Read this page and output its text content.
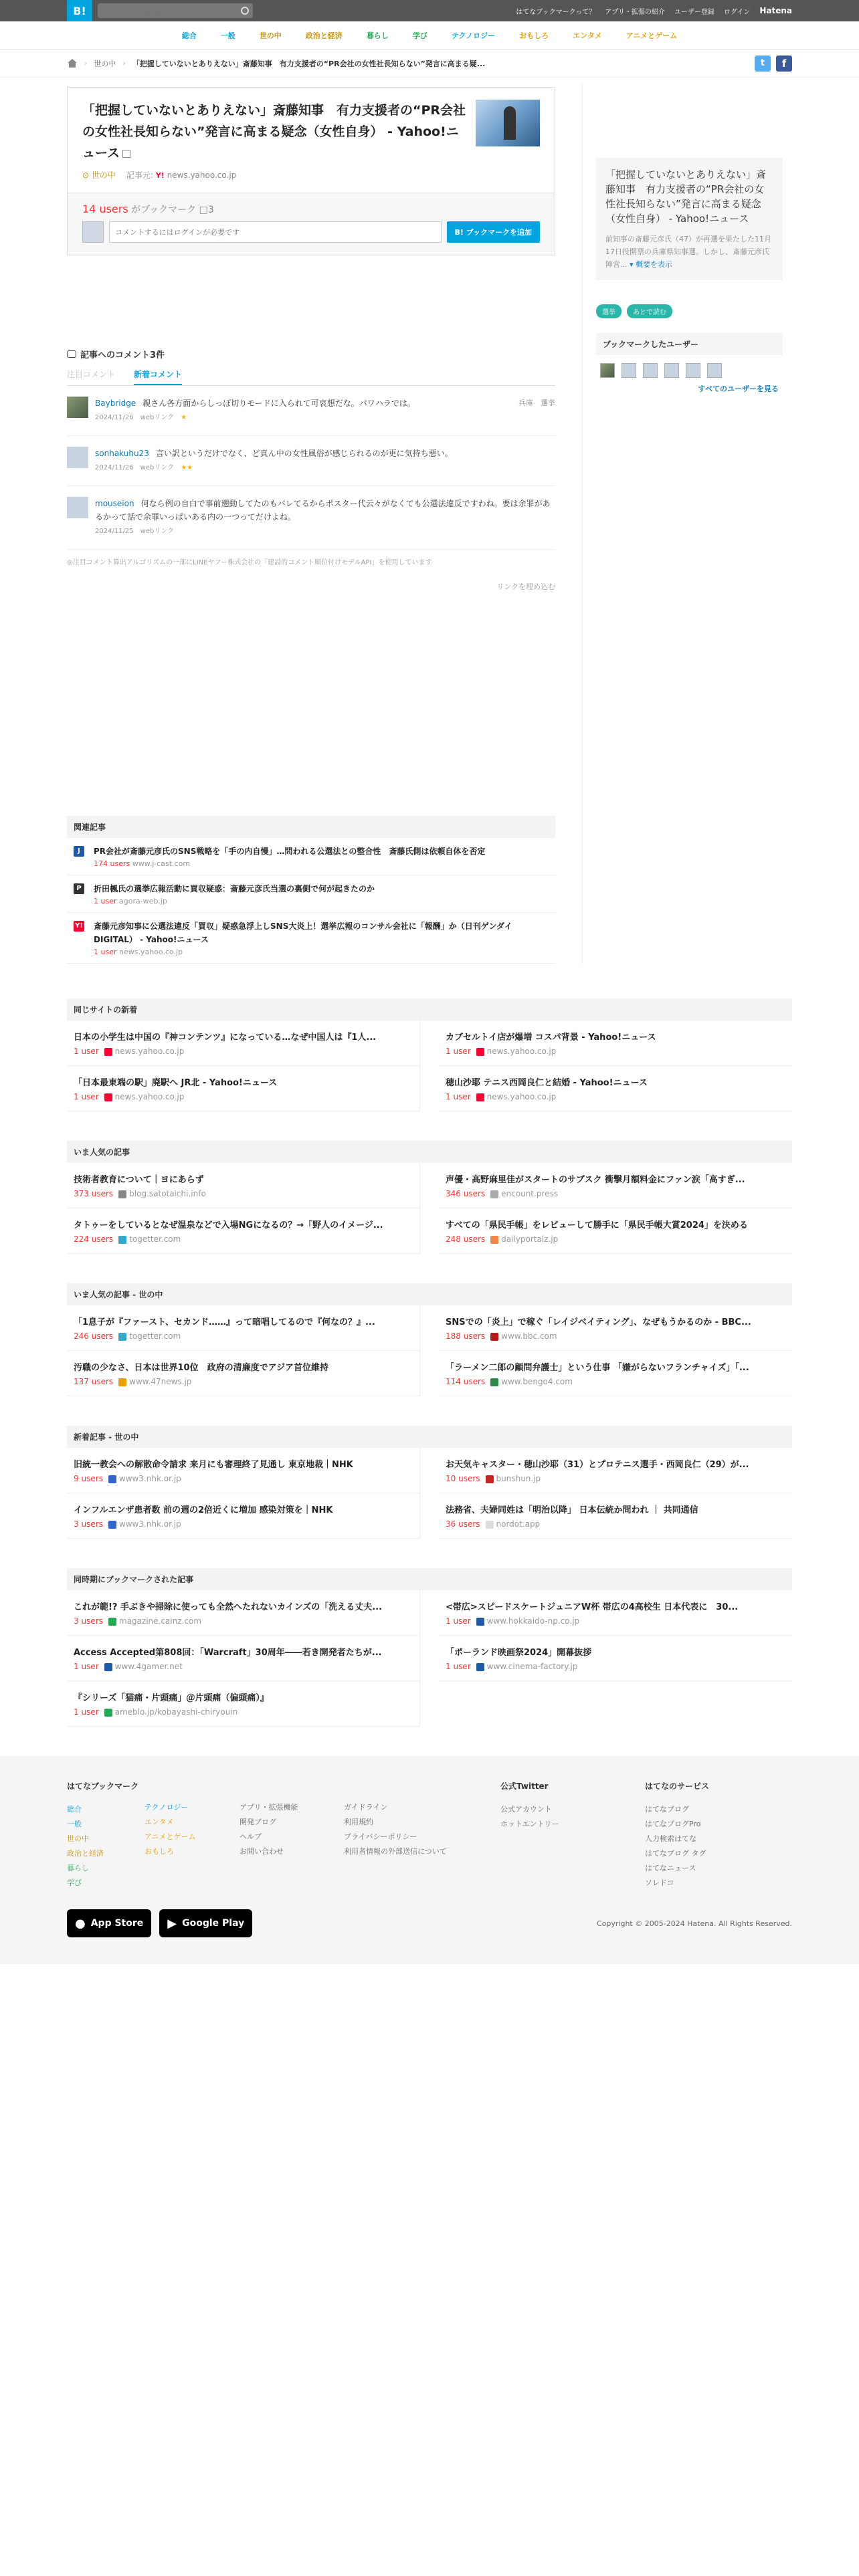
B!
キーワード・URLを検索	はてなブックマークって？ アプリ・拡張の紹介 ユーザー登録 ログイン Hatena
総合	一般	世の中	政治と経済	暮らし	学び	テクノロジー	おもしろ	エンタメ	アニメとゲーム
› 世の中 › 「把握していないとありえない」斎藤知事　有力支援者の“PR会社の女性社長知らない”発言に高まる疑...	t	f
「把握していないとありえない」斎藤知事　有力支援者の“PR会社の女性社長知らない”発言に高まる疑念（女性自身） - Yahoo!ニュース
⊙ 世の中 記事元: Y! news.yahoo.co.jp
14 users がブックマーク □3
コメントするにはログインが必要です
B! ブックマークを追加
記事へのコメント3件
注目コメント 新着コメント
兵庫　選挙
Baybridge 親さん各方面からしっぽ切りモードに入られて可哀想だな。パワハラでは。
2024/11/26 webリンク ★
sonhakuhu23 言い訳というだけでなく、ど真ん中の女性風俗が感じられるのが更に気持ち悪い。
2024/11/26 webリンク ★★
mouseion 何なら例の自白で事前遡動してたのもバレてるからポスター代云々がなくても公選法違反ですわね。要は余罪があるかって話で余罪いっぱいある内の一つってだけよね。
2024/11/25 webリンク
◎注目コメント算出アルゴリズムの一部にLINEヤフー株式会社の「建設的コメント順位付けモデルAPI」を使用しています
リンクを埋め込む
関連記事
J	PR会社が斎藤元彦氏のSNS戦略を「手の内自慢」…問われる公選法との整合性　斎藤氏側は依頼自体を否定
174 users www.j-cast.com
P	折田楓氏の選挙広報活動に買収疑惑：斎藤元彦氏当選の裏側で何が起きたのか
1 user agora-web.jp
Y! 斎藤元彦知事に公選法違反「買収」疑惑急浮上しSNS大炎上！選挙広報のコンサル会社に「報酬」か（日刊ゲンダイDIGITAL） - Yahoo!ニュース
1 user news.yahoo.co.jp
「把握していないとありえない」斎藤知事　有力支援者の“PR会社の女性社長知らない”発言に高まる疑念（女性自身） - Yahoo!ニュース
前知事の斎藤元彦氏（47）が再選を果たした11月17日投開票の兵庫県知事選。しかし、斎藤元彦氏陣営... ▾ 概要を表示
選挙	あとで読む
ブックマークしたユーザー
すべてのユーザーを見る
同じサイトの新着
日本の小学生は中国の『神コンテンツ』になっている…なぜ中国人は『1人...
1 user news.yahoo.co.jp
カブセルトイ店が爆増 コスパ背景 - Yahoo!ニュース
1 user news.yahoo.co.jp
「日本最東端の駅」廃駅へ JR北 - Yahoo!ニュース
1 user news.yahoo.co.jp
穂山沙耶 テニス西岡良仁と結婚 - Yahoo!ニュース
1 user news.yahoo.co.jp
いま人気の記事
技術者教育について｜ヨにあらず
373 users blog.satotaichi.info
声優・高野麻里佳がスタートのサブスク 衝撃月額料金にファン涙「高すぎ...
346 users encount.press
タトゥーをしているとなぜ温泉などで入場NGになるの？→「野人のイメージ...
224 users togetter.com
すべての「県民手帳」をレビューして勝手に「県民手帳大賞2024」を決める
248 users dailyportalz.jp
いま人気の記事 - 世の中
「1息子が『ファースト、セカンド……』って暗唱してるので『何なの？』...
246 users togetter.com
SNSでの「炎上」で稼ぐ「レイジベイティング」、なぜもうかるのか - BBC...
188 users www.bbc.com
汚職の少なさ、日本は世界10位　政府の清廉度でアジア首位維持
137 users www.47news.jp
「ラーメン二郎の顧問弁護士」という仕事 「嫌がらないフランチャイズ」「...
114 users www.bengo4.com
新着記事 - 世の中
旧統一教会への解散命令請求 来月にも審理終了見通し 東京地裁｜NHK
9 users www3.nhk.or.jp
お天気キャスター・穂山沙耶（31）とプロテニス選手・西岡良仁（29）が...
10 users bunshun.jp
インフルエンザ患者数 前の週の2倍近くに増加 感染対策を｜NHK
3 users www3.nhk.or.jp
法務省、夫婦同姓は「明治以降」 日本伝統か問われ ｜ 共同通信
36 users nordot.app
同時期にブックマークされた記事
これが範!? 手ぶきや掃除に使っても全然へたれないカインズの「洗える丈夫...
3 users magazine.cainz.com
<帯広>スピードスケートジュニアW杯 帯広の4高校生 日本代表に　30...
1 user www.hokkaido-np.co.jp
Access Accepted第808回：「Warcraft」30周年――若き開発者たちが...
1 user www.4gamer.net
「ポーランド映画祭2024」開幕抜拶
1 user www.cinema-factory.jp
『シリーズ「猫痛・片頭痛」＠片頭痛（偏頭痛）』
1 user ameblo.jp/kobayashi-chiryouin
はてなブックマーク
総合
一般
世の中
政治と経済
暮らし
学び

テクノロジー
エンタメ
アニメとゲーム
おもしろ

アプリ・拡張機能
開発ブログ
ヘルプ
お問い合わせ

ガイドライン
利用規約
プライバシーポリシー
利用者情報の外部送信について
公式Twitter
公式アカウント
ホットエントリー
はてなのサービス
はてなブログ
はてなブログPro
人力検索はてな
はてなブログ タグ
はてなニュース
ソレドコ
● App Store ▶ Google Play	Copyright © 2005-2024 Hatena. All Rights Reserved.
